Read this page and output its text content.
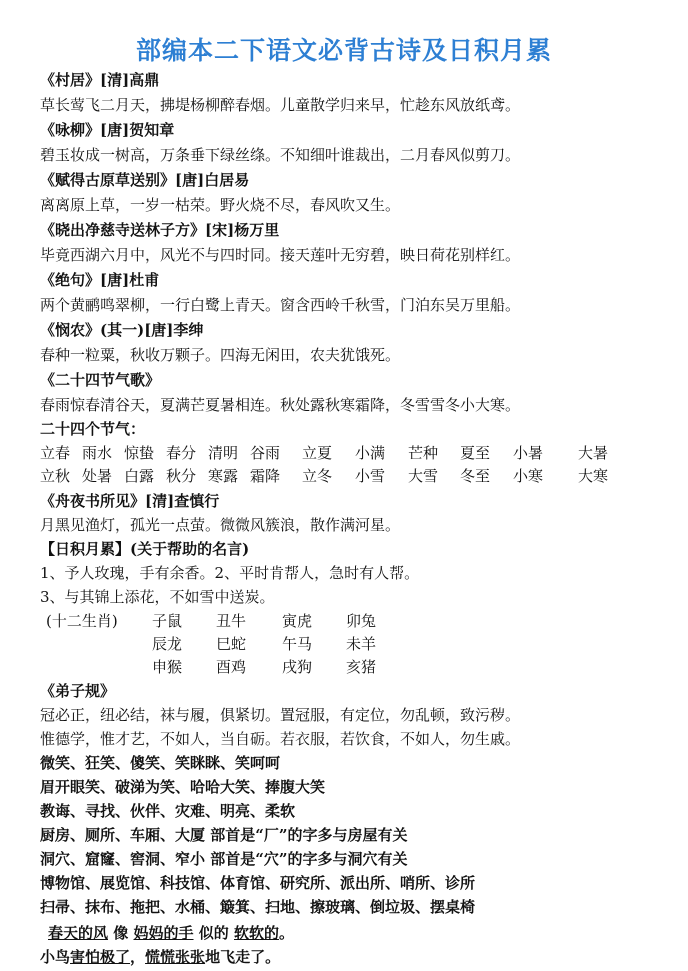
部编本二下语文必背古诗及日积月累
《村居》[清]高鼎
草长莺飞二月天，拂堤杨柳醉春烟。儿童散学归来早，忙趁东风放纸鸢。
《咏柳》[唐]贺知章
碧玉妆成一树高，万条垂下绿丝绦。不知细叶谁裁出，二月春风似剪刀。
《赋得古原草送别》[唐]白居易
离离原上草，一岁一枯荣。野火烧不尽，春风吹又生。
《晓出净慈寺送林子方》[宋]杨万里
毕竟西湖六月中，风光不与四时同。接天莲叶无穷碧，映日荷花别样红。
《绝句》[唐]杜甫
两个黄鹂鸣翠柳，一行白鹭上青天。窗含西岭千秋雪，门泊东吴万里船。
《悯农》(其一)[唐]李绅
春种一粒粟，秋收万颗子。四海无闲田，农夫犹饿死。
《二十四节气歌》
春雨惊春清谷天，夏满芒夏暑相连。秋处露秋寒霜降，冬雪雪冬小大寒。
二十四个节气：
立春 雨水 惊蛰 春分 清明 谷雨 立夏 小满 芒种 夏至 小暑 大暑
立秋 处暑 白露 秋分 寒露 霜降 立冬 小雪 大雪 冬至 小寒 大寒
《舟夜书所见》[清]查慎行
月黑见渔灯，孤光一点萤。微微风簇浪，散作满河星。
【日积月累】(关于帮助的名言)
1、予人玫瑰，手有余香。2、平时肯帮人，急时有人帮。
3、与其锦上添花，不如雪中送炭。
(十二生肖) 子鼠 丑牛 寅虎 卯兔
辰龙 巳蛇 午马 未羊
申猴 酉鸡 戌狗 亥猪
《弟子规》
冠必正，纽必结，袜与履，俱紧切。置冠服，有定位，勿乱顿，致污秽。
惟德学，惟才艺，不如人，当自砺。若衣服，若饮食，不如人，勿生戚。
微笑、狂笑、傻笑、笑眯眯、笑呵呵
眉开眼笑、破涕为笑、哈哈大笑、捧腹大笑
教诲、寻找、伙伴、灾难、明亮、柔软
厨房、厕所、车厢、大厦 部首是“厂”的字多与房屋有关
洞穴、窟窿、窖洞、窄小 部首是“穴”的字多与洞穴有关
博物馆、展览馆、科技馆、体育馆、研究所、派出所、哨所、诊所
扫帚、抹布、拖把、水桶、簸箕、扫地、擦玻璃、倒垃圾、摆桌椅
春天的风 像 妈妈的手 似的 软软的。
小鸟害怕极了，慌慌张张地飞走了。
